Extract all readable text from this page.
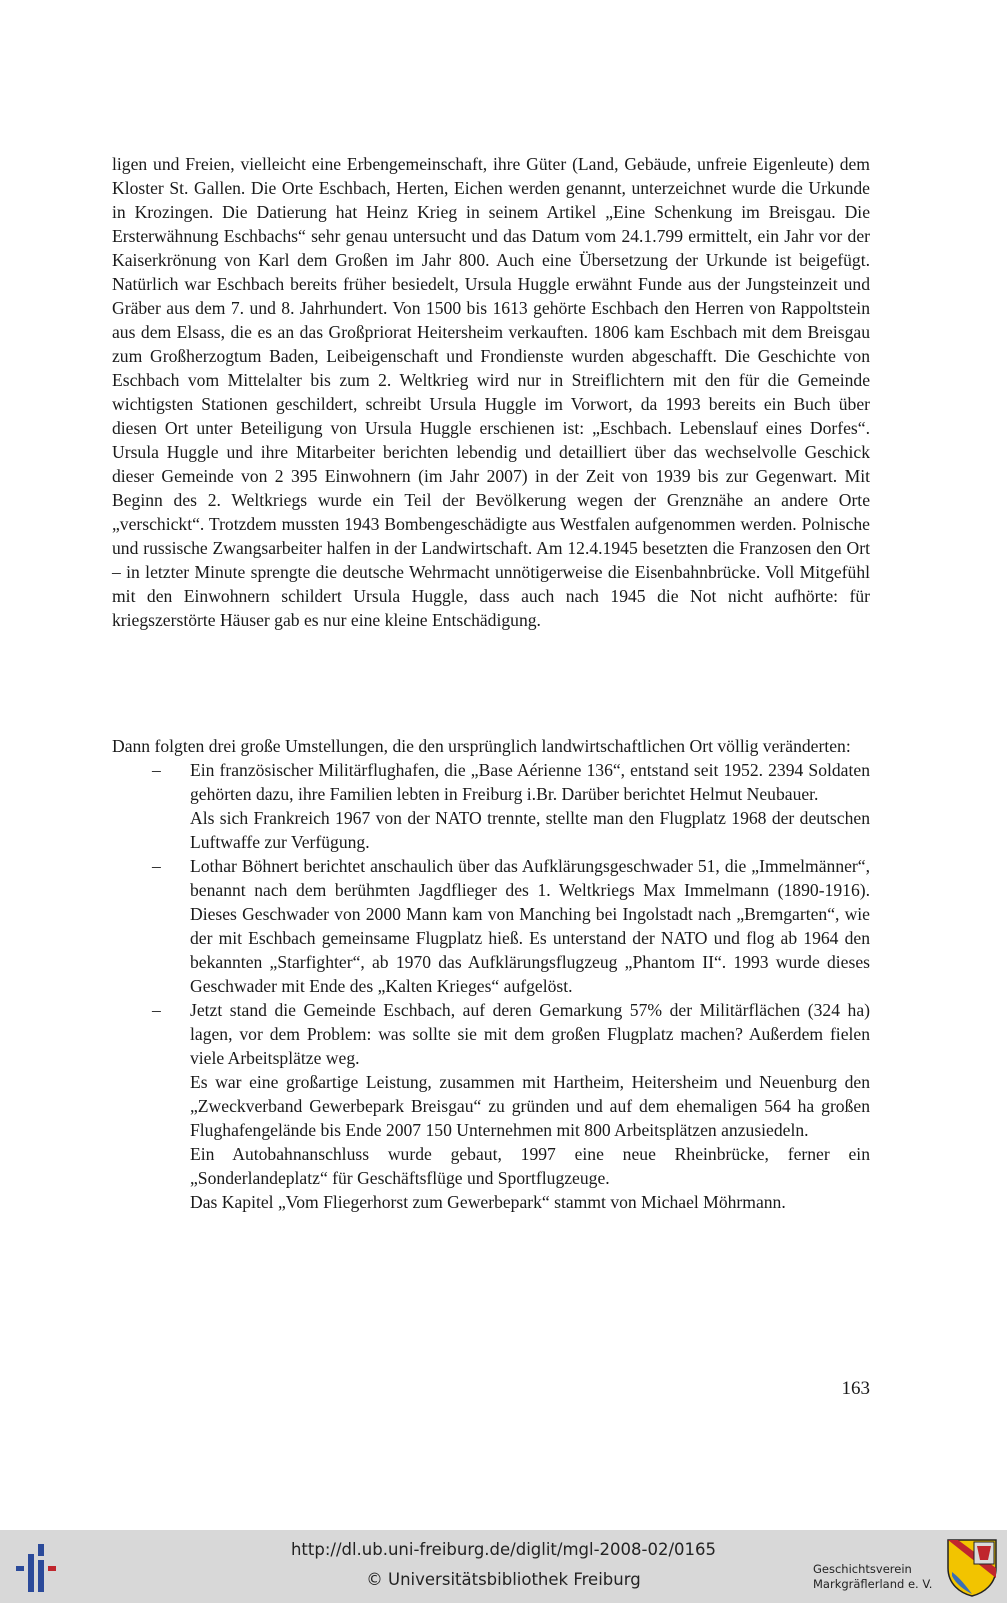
ligen und Freien, vielleicht eine Erbengemeinschaft, ihre Güter (Land, Gebäude, unfreie Eigenleute) dem Kloster St. Gallen. Die Orte Eschbach, Herten, Eichen werden genannt, unterzeichnet wurde die Urkunde in Krozingen. Die Datierung hat Heinz Krieg in seinem Artikel „Eine Schenkung im Breisgau. Die Ersterwähnung Eschbachs“ sehr genau untersucht und das Datum vom 24.1.799 ermittelt, ein Jahr vor der Kaiserkrönung von Karl dem Großen im Jahr 800. Auch eine Übersetzung der Urkunde ist beigefügt. Natürlich war Eschbach bereits früher besiedelt, Ursula Huggle erwähnt Funde aus der Jungsteinzeit und Gräber aus dem 7. und 8. Jahrhundert. Von 1500 bis 1613 gehörte Eschbach den Herren von Rappoltstein aus dem Elsass, die es an das Großpriorat Heitersheim verkauften. 1806 kam Eschbach mit dem Breisgau zum Großherzogtum Baden, Leibeigenschaft und Frondienste wurden abgeschafft. Die Geschichte von Eschbach vom Mittelalter bis zum 2. Weltkrieg wird nur in Streiflichtern mit den für die Gemeinde wichtigsten Stationen geschildert, schreibt Ursula Huggle im Vorwort, da 1993 bereits ein Buch über diesen Ort unter Beteiligung von Ursula Huggle erschienen ist: „Eschbach. Lebenslauf eines Dorfes“. Ursula Huggle und ihre Mitarbeiter berichten lebendig und detailliert über das wechselvolle Geschick dieser Gemeinde von 2 395 Einwohnern (im Jahr 2007) in der Zeit von 1939 bis zur Gegenwart. Mit Beginn des 2. Weltkriegs wurde ein Teil der Bevölkerung wegen der Grenznähe an andere Orte „verschickt“. Trotzdem mussten 1943 Bombengeschädigte aus Westfalen aufgenommen werden. Polnische und russische Zwangsarbeiter halfen in der Landwirtschaft. Am 12.4.1945 besetzten die Franzosen den Ort – in letzter Minute sprengte die deutsche Wehrmacht unnötigerweise die Eisenbahnbrücke. Voll Mitgefühl mit den Einwohnern schildert Ursula Huggle, dass auch nach 1945 die Not nicht aufhörte: für kriegszerstörte Häuser gab es nur eine kleine Entschädigung.

Dann folgten drei große Umstellungen, die den ursprünglich landwirtschaftlichen Ort völlig veränderten:

– Ein französischer Militärflughafen, die „Base Aérienne 136“, entstand seit 1952. 2394 Soldaten gehörten dazu, ihre Familien lebten in Freiburg i.Br. Darüber berichtet Helmut Neubauer.

Als sich Frankreich 1967 von der NATO trennte, stellte man den Flugplatz 1968 der deutschen Luftwaffe zur Verfügung.

– Lothar Böhnert berichtet anschaulich über das Aufklärungsgeschwader 51, die „Immelmänner“, benannt nach dem berühmten Jagdflieger des 1. Weltkriegs Max Immelmann (1890-1916). Dieses Geschwader von 2000 Mann kam von Manching bei Ingolstadt nach „Bremgarten“, wie der mit Eschbach gemeinsame Flugplatz hieß. Es unterstand der NATO und flog ab 1964 den bekannten „Starfighter“, ab 1970 das Aufklärungsflugzeug „Phantom II“. 1993 wurde dieses Geschwader mit Ende des „Kalten Krieges“ aufgelöst.

– Jetzt stand die Gemeinde Eschbach, auf deren Gemarkung 57% der Militärflächen (324 ha) lagen, vor dem Problem: was sollte sie mit dem großen Flugplatz machen? Außerdem fielen viele Arbeitsplätze weg.

Es war eine großartige Leistung, zusammen mit Hartheim, Heitersheim und Neuenburg den „Zweckverband Gewerbepark Breisgau“ zu gründen und auf dem ehemaligen 564 ha großen Flughafengelände bis Ende 2007 150 Unternehmen mit 800 Arbeitsplätzen anzusiedeln.

Ein Autobahnanschluss wurde gebaut, 1997 eine neue Rheinbrücke, ferner ein „Sonderlandeplatz“ für Geschäftsflüge und Sportflugzeuge.

Das Kapitel „Vom Fliegerhorst zum Gewerbepark“ stammt von Michael Möhrmann.

163
http://dl.ub.uni-freiburg.de/diglit/mgl-2008-02/0165
© Universitätsbibliothek Freiburg
Geschichtsverein
Markgräflerland e. V.
